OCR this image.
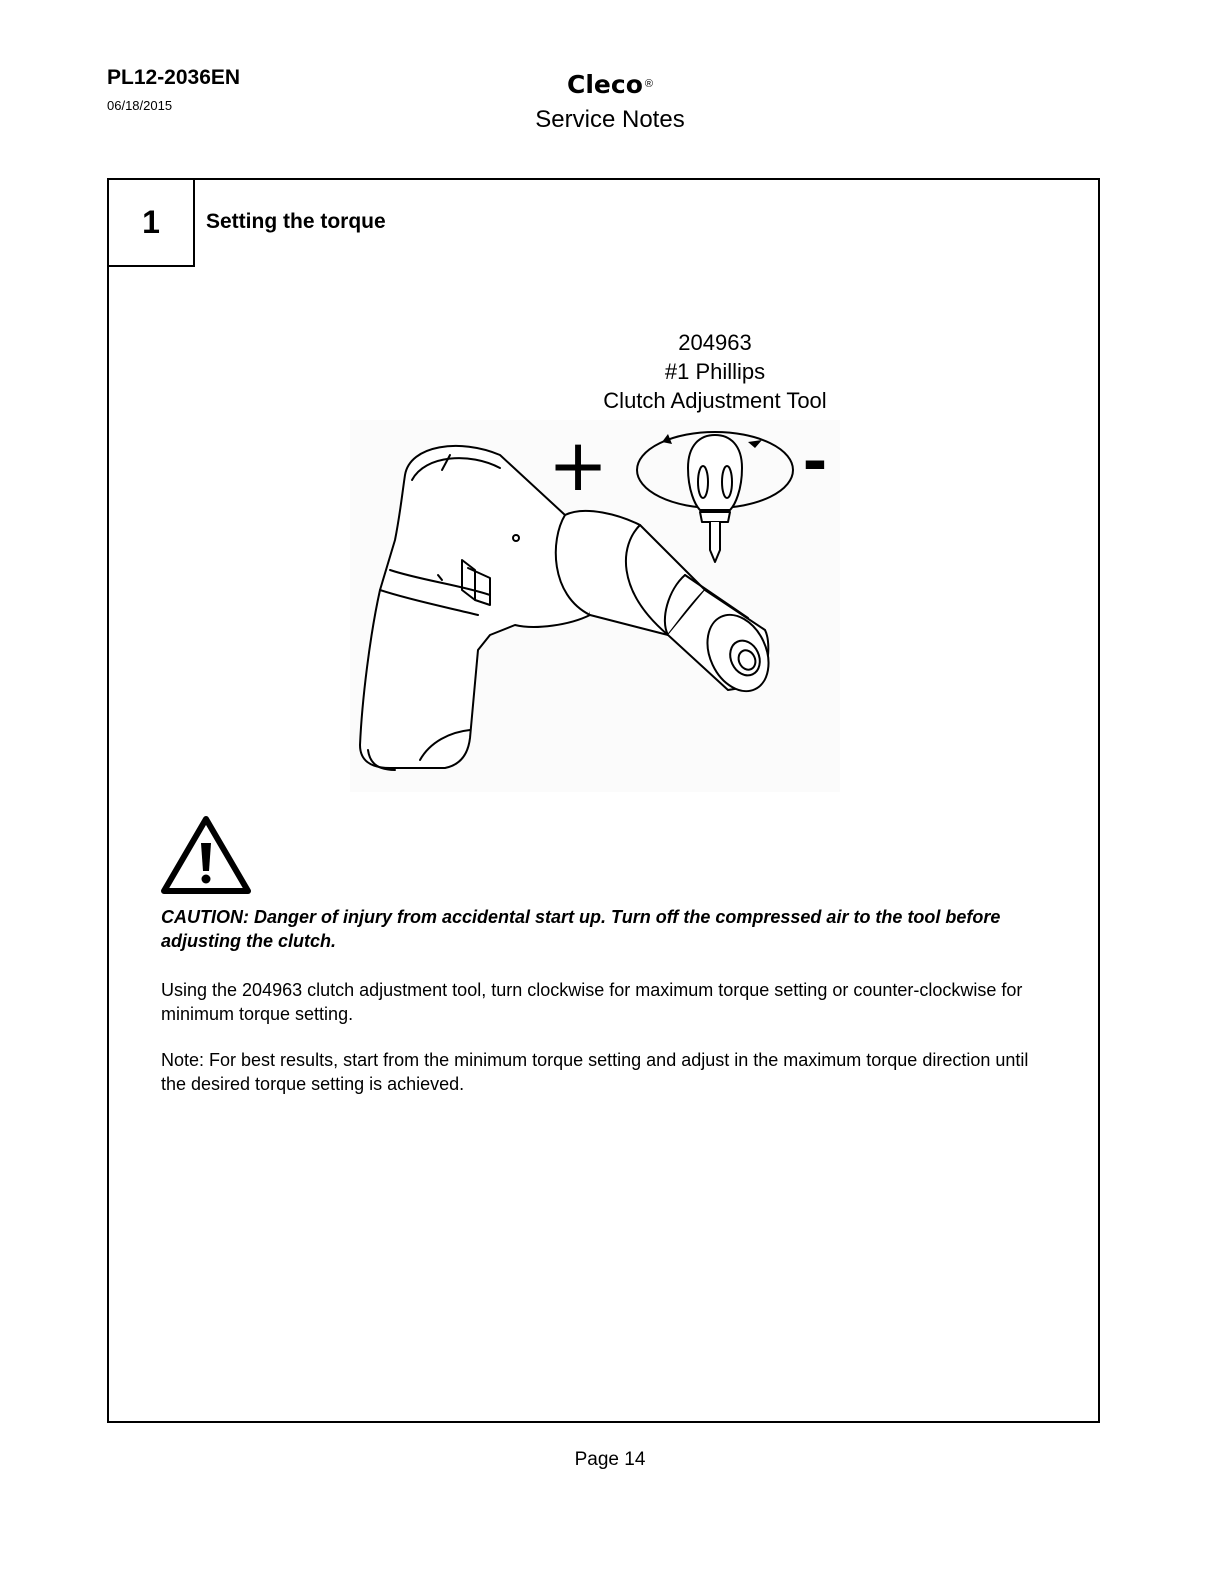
PL12-2036EN
06/18/2015
Cleco ®
Service Notes
1	Setting the torque
204963
#1 Phillips
Clutch Adjustment Tool
+	-
CAUTION: Danger of injury from accidental start up. Turn off the compressed air to the tool before adjusting the clutch.
Using the 204963 clutch adjustment tool, turn clockwise for maximum torque setting or counter-clockwise for minimum torque setting.
Note: For best results, start from the minimum torque setting and adjust in the maximum torque direction until the desired torque setting is achieved.
Page 14
